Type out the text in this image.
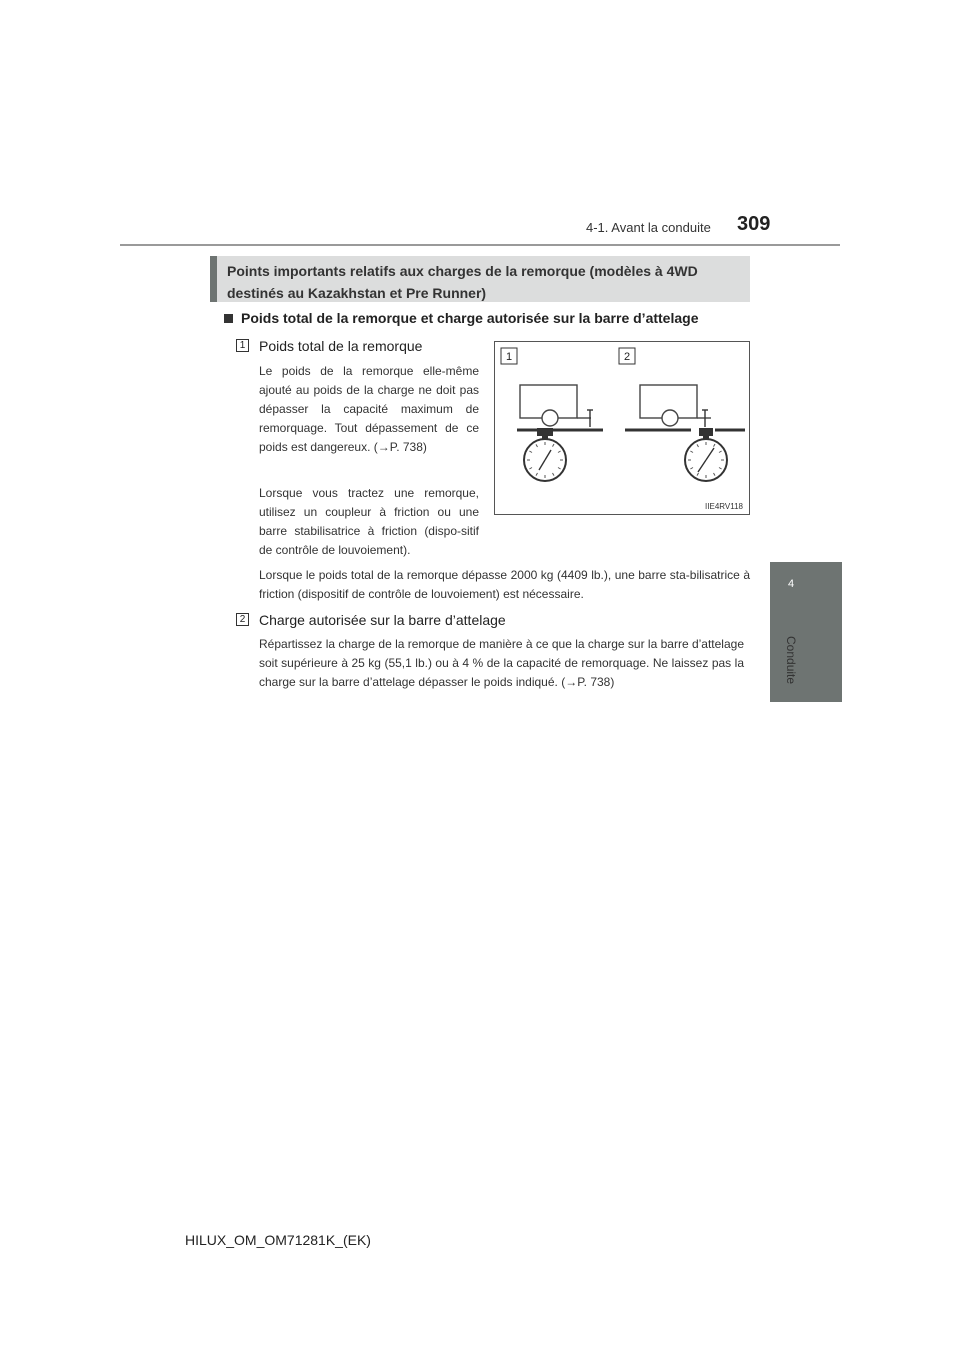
4-1. Avant la conduite 309
4
Conduite
Points importants relatifs aux charges de la remorque (modèles à 4WD destinés au Kazakhstan et Pre Runner)
Poids total de la remorque et charge autorisée sur la barre d’attelage
1 Poids total de la remorque
Le poids de la remorque elle-même ajouté au poids de la charge ne doit pas dépasser la capacité maximum de remorquage. Tout dépassement de ce poids est dangereux. (→P. 738)
Lorsque vous tractez une remorque, utilisez un coupleur à friction ou une barre stabilisatrice à friction (dispo-sitif de contrôle de louvoiement).
Lorsque le poids total de la remorque dépasse 2000 kg (4409 lb.), une barre sta-bilisatrice à friction (dispositif de contrôle de louvoiement) est nécessaire.
2 Charge autorisée sur la barre d’attelage
Répartissez la charge de la remorque de manière à ce que la charge sur la barre d’attelage soit supérieure à 25 kg (55,1 lb.) ou à 4 % de la capacité de remorquage. Ne laissez pas la charge sur la barre d’attelage dépasser le poids indiqué. (→P. 738)
1	2
IIE4RV118
HILUX_OM_OM71281K_(EK)
